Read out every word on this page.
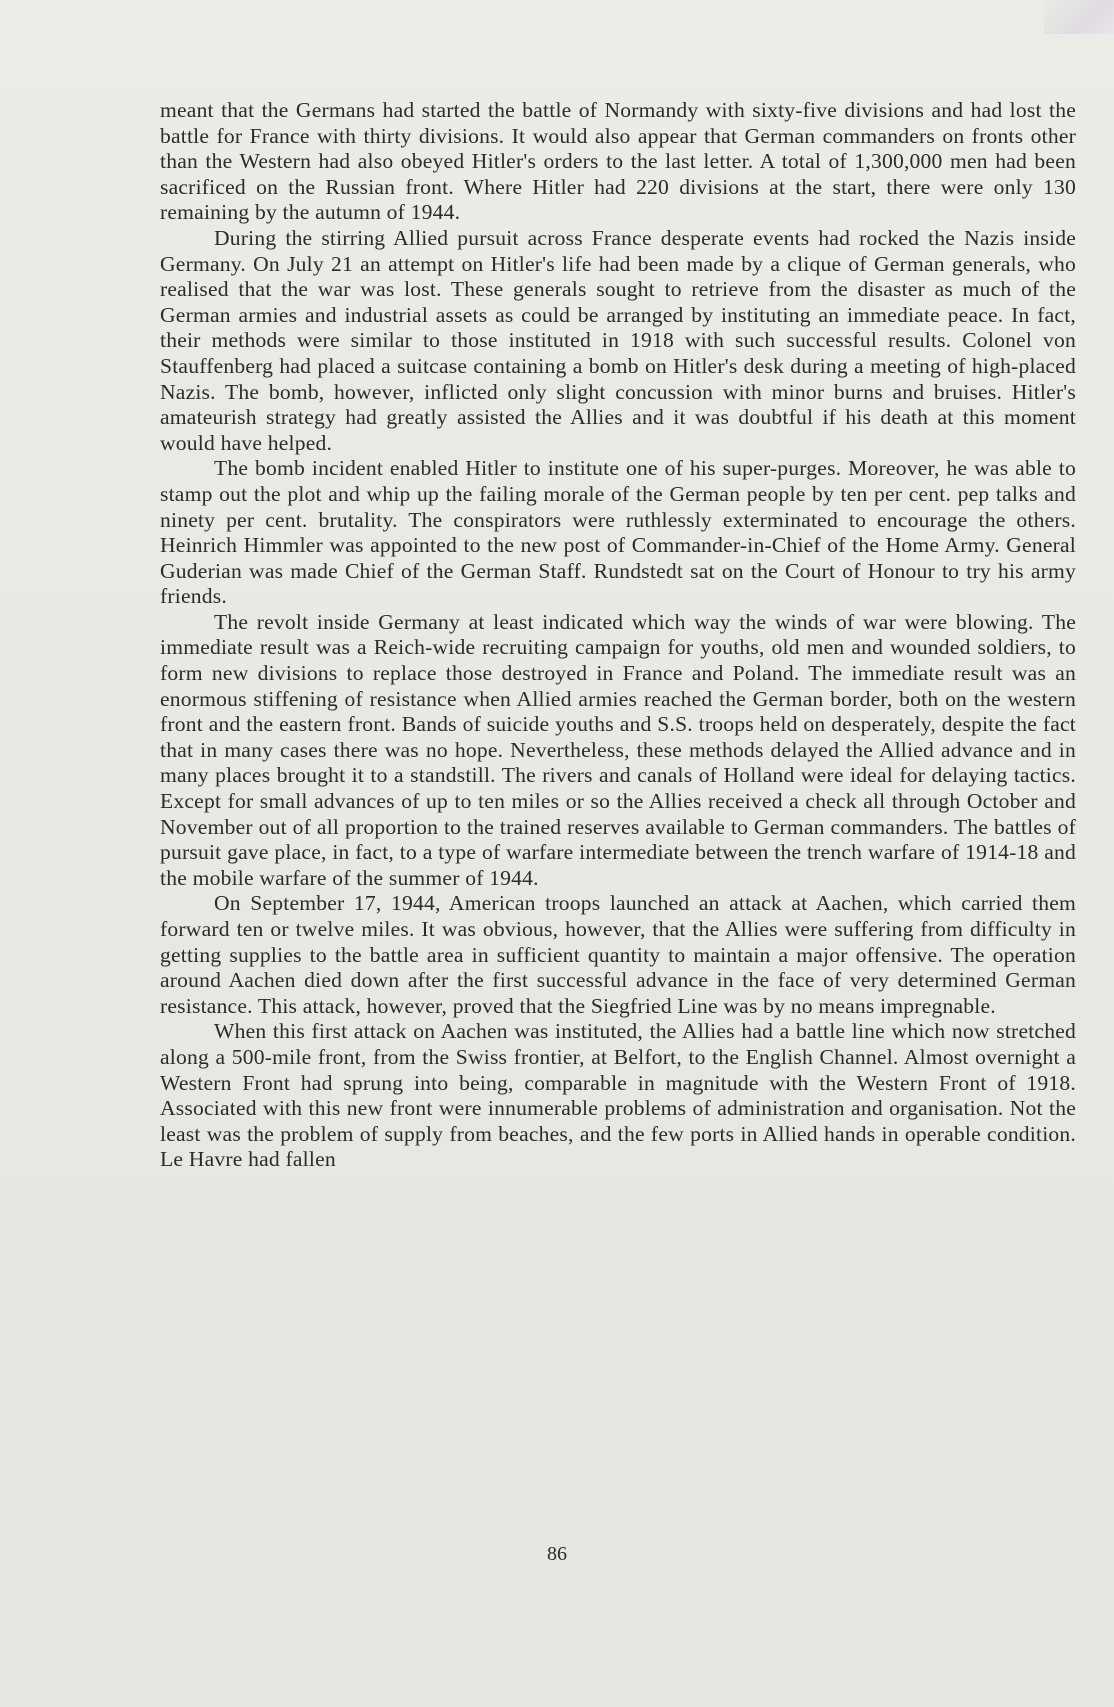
meant that the Germans had started the battle of Normandy with sixty-five divisions and had lost the battle for France with thirty divisions. It would also appear that German commanders on fronts other than the Western had also obeyed Hitler's orders to the last letter. A total of 1,300,000 men had been sacrificed on the Russian front. Where Hitler had 220 divisions at the start, there were only 130 remaining by the autumn of 1944.

During the stirring Allied pursuit across France desperate events had rocked the Nazis inside Germany. On July 21 an attempt on Hitler's life had been made by a clique of German generals, who realised that the war was lost. These generals sought to retrieve from the disaster as much of the German armies and industrial assets as could be arranged by instituting an immediate peace. In fact, their methods were similar to those instituted in 1918 with such successful results. Colonel von Stauffenberg had placed a suitcase containing a bomb on Hitler's desk during a meeting of high-placed Nazis. The bomb, however, inflicted only slight concussion with minor burns and bruises. Hitler's amateurish strategy had greatly assisted the Allies and it was doubtful if his death at this moment would have helped.

The bomb incident enabled Hitler to institute one of his super-purges. Moreover, he was able to stamp out the plot and whip up the failing morale of the German people by ten per cent. pep talks and ninety per cent. brutality. The conspirators were ruthlessly exterminated to encourage the others. Heinrich Himmler was appointed to the new post of Commander-in-Chief of the Home Army. General Guderian was made Chief of the German Staff. Rundstedt sat on the Court of Honour to try his army friends.

The revolt inside Germany at least indicated which way the winds of war were blowing. The immediate result was a Reich-wide recruiting campaign for youths, old men and wounded soldiers, to form new divisions to replace those destroyed in France and Poland. The immediate result was an enormous stiffening of resistance when Allied armies reached the German border, both on the western front and the eastern front. Bands of suicide youths and S.S. troops held on desperately, despite the fact that in many cases there was no hope. Nevertheless, these methods delayed the Allied advance and in many places brought it to a standstill. The rivers and canals of Holland were ideal for delaying tactics. Except for small advances of up to ten miles or so the Allies received a check all through October and November out of all proportion to the trained reserves available to German commanders. The battles of pursuit gave place, in fact, to a type of warfare intermediate between the trench warfare of 1914-18 and the mobile warfare of the summer of 1944.

On September 17, 1944, American troops launched an attack at Aachen, which carried them forward ten or twelve miles. It was obvious, however, that the Allies were suffering from difficulty in getting supplies to the battle area in sufficient quantity to maintain a major offensive. The operation around Aachen died down after the first successful advance in the face of very determined German resistance. This attack, however, proved that the Siegfried Line was by no means impregnable.

When this first attack on Aachen was instituted, the Allies had a battle line which now stretched along a 500-mile front, from the Swiss frontier, at Belfort, to the English Channel. Almost overnight a Western Front had sprung into being, comparable in magnitude with the Western Front of 1918. Associated with this new front were innumerable problems of administration and organisation. Not the least was the problem of supply from beaches, and the few ports in Allied hands in operable condition. Le Havre had fallen

86
